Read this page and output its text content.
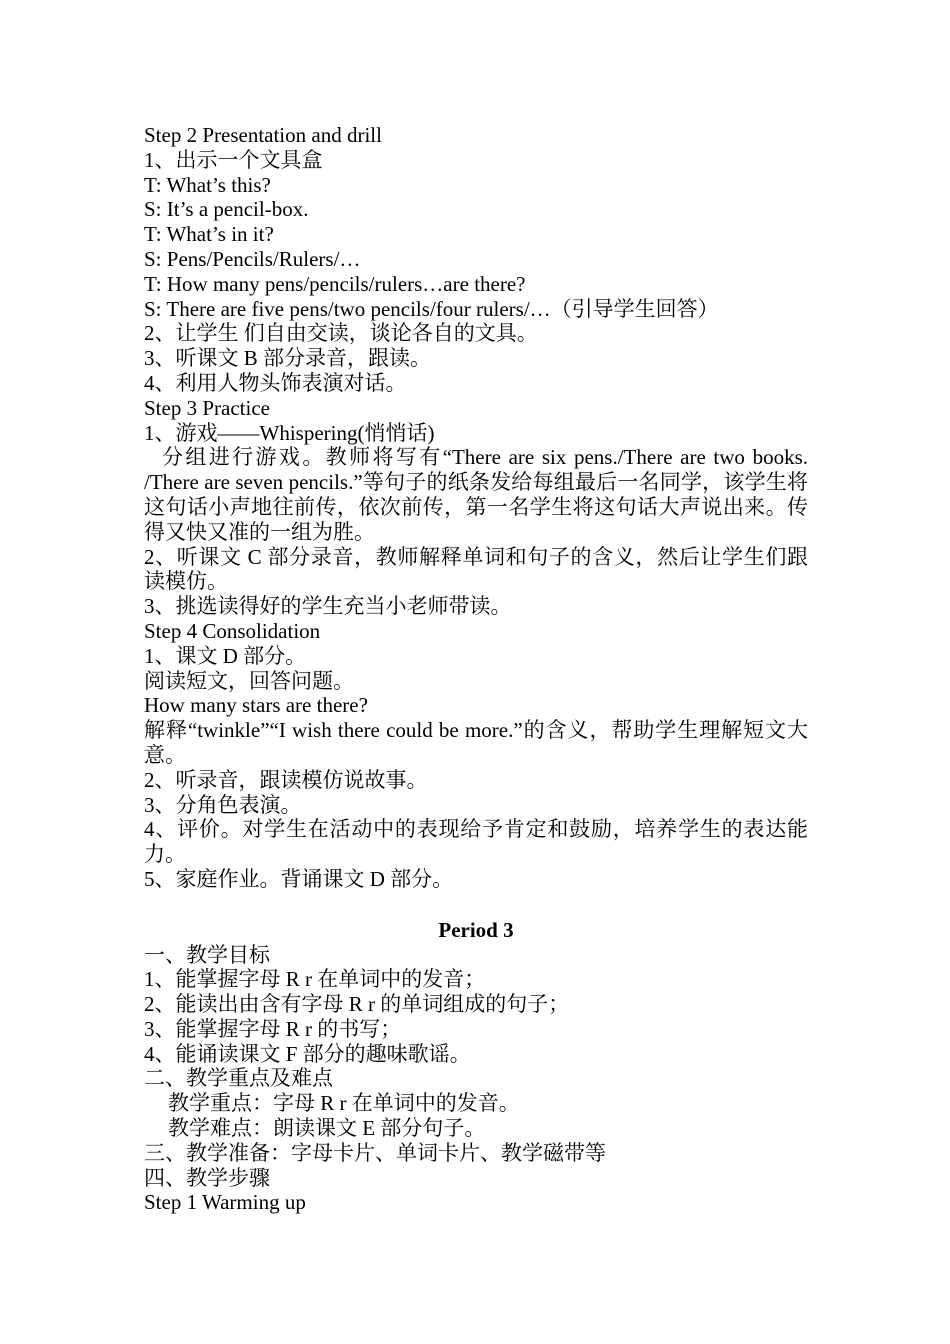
Step 2 Presentation and drill
1、出示一个文具盒
T: What’s this?
S: It’s a pencil-box.
T: What’s in it?
S: Pens/Pencils/Rulers/…
T: How many pens/pencils/rulers…are there?
S: There are five pens/two pencils/four rulers/…（引导学生回答）
2、让学生 们自由交读，谈论各自的文具。
3、听课文 B 部分录音，跟读。
4、利用人物头饰表演对话。
Step 3 Practice
1、游戏——Whispering(悄悄话)
分组进行游戏。教师将写有“There are six pens./There are two books. /There are seven pencils.”等句子的纸条发给每组最后一名同学，该学生将这句话小声地往前传，依次前传，第一名学生将这句话大声说出来。传得又快又准的一组为胜。
2、听课文 C 部分录音，教师解释单词和句子的含义，然后让学生们跟读模仿。
3、挑选读得好的学生充当小老师带读。
Step 4 Consolidation
1、课文 D 部分。
阅读短文，回答问题。
How many stars are there?
解释“twinkle”“I wish there could be more.”的含义，帮助学生理解短文大意。
2、听录音，跟读模仿说故事。
3、分角色表演。
4、评价。对学生在活动中的表现给予肯定和鼓励，培养学生的表达能力。
5、家庭作业。背诵课文 D 部分。
Period 3
一、教学目标
1、能掌握字母 R r 在单词中的发音；
2、能读出由含有字母 R r 的单词组成的句子；
3、能掌握字母 R r 的书写；
4、能诵读课文 F 部分的趣味歌谣。
二、教学重点及难点
教学重点：字母 R r 在单词中的发音。
教学难点：朗读课文 E 部分句子。
三、教学准备：字母卡片、单词卡片、教学磁带等
四、教学步骤
Step 1 Warming up
